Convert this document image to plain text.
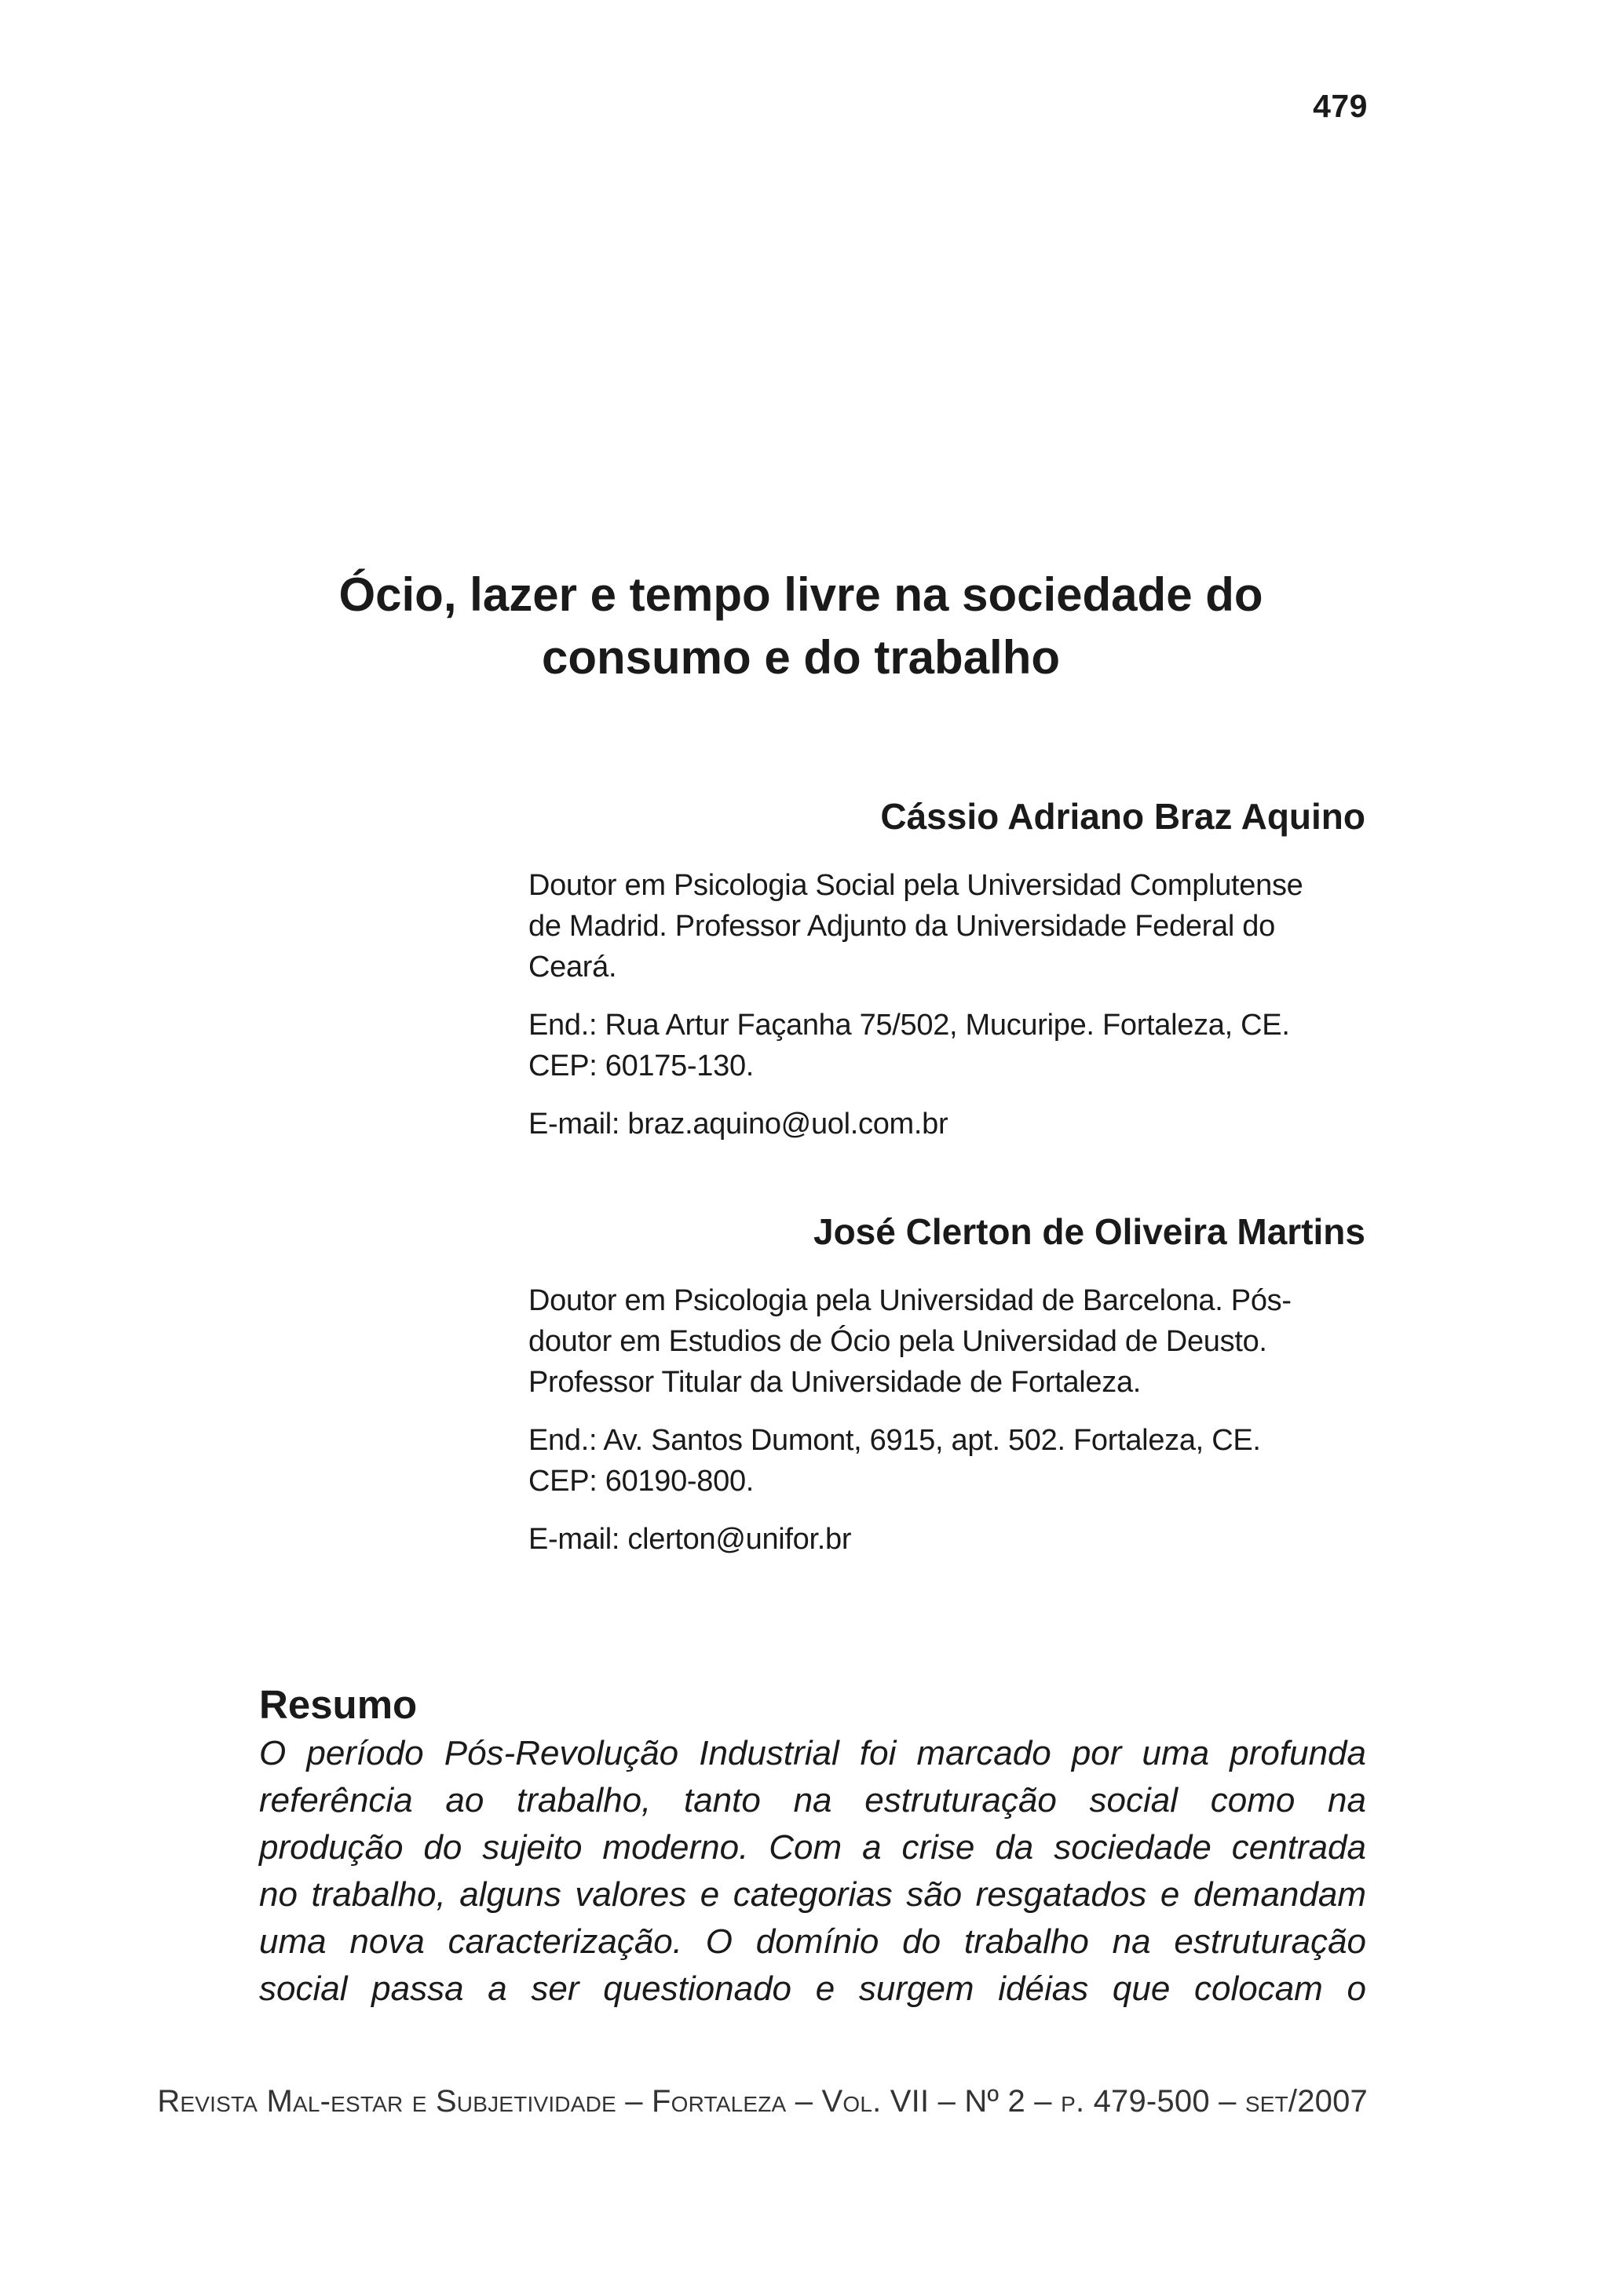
479
Ócio, lazer e tempo livre na sociedade do
consumo e do trabalho
Cássio Adriano Braz Aquino

Doutor em Psicologia Social pela Universidad Complutense
de Madrid. Professor Adjunto da Universidade Federal do
Ceará.

End.: Rua Artur Façanha 75/502, Mucuripe. Fortaleza, CE.
CEP: 60175-130.

E-mail: braz.aquino@uol.com.br

José Clerton de Oliveira Martins

Doutor em Psicologia pela Universidad de Barcelona. Pós-
doutor em Estudios de Ócio pela Universidad de Deusto.
Professor Titular da Universidade de Fortaleza.

End.: Av. Santos Dumont, 6915, apt. 502. Fortaleza, CE.
CEP: 60190-800.

E-mail: clerton@unifor.br

Resumo

O período Pós-Revolução Industrial foi marcado por uma profunda
referência ao trabalho, tanto na estruturação social como na
produção do sujeito moderno. Com a crise da sociedade centrada
no trabalho, alguns valores e categorias são resgatados e demandam
uma nova caracterização. O domínio do trabalho na estruturação
social passa a ser questionado e surgem idéias que colocam o

Revista Mal-estar e Subjetividade – Fortaleza – Vol. VII – Nº 2 – p. 479-500 – set/2007
